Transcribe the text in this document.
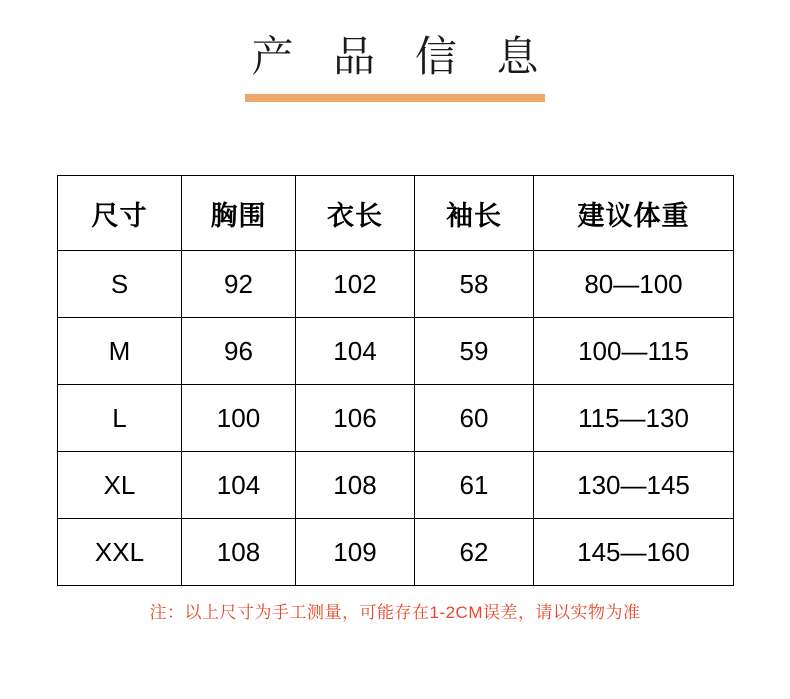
产 品 信 息
尺寸	胸围	衣长	袖长	建议体重
S	92	102	58	80—100
M	96	104	59	100—115
L	100	106	60	115—130
XL	104	108	61	130—145
XXL	108	109	62	145—160
注：以上尺寸为手工测量，可能存在1-2CM误差，请以实物为准
